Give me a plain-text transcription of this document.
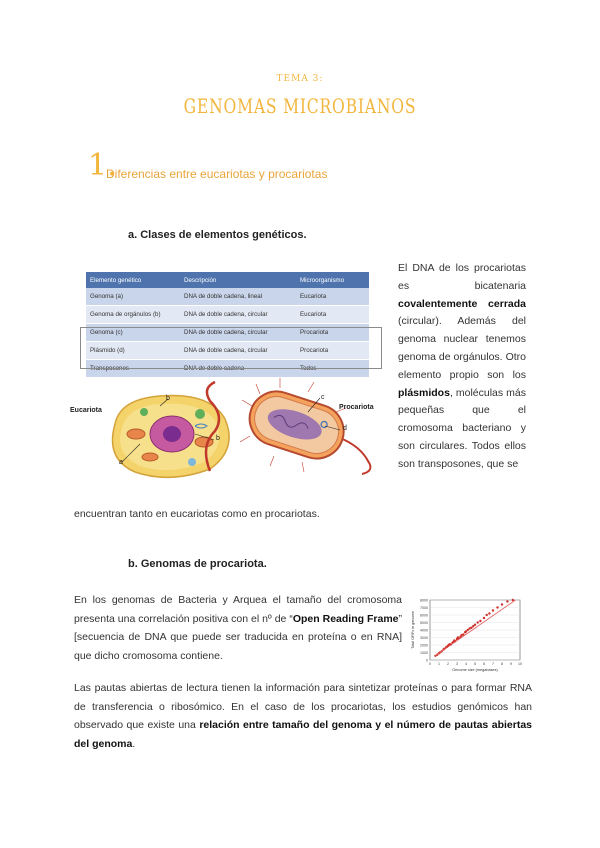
TEMA 3:
GENOMAS MICROBIANOS
1.
Diferencias entre eucariotas y procariotas
a. Clases de elementos genéticos.
Elemento genético	Descripción	Microorganismo
Genoma (a)	DNA de doble cadena, lineal	Eucariota
Genoma de orgánulos (b)	DNA de doble cadena, circular	Eucariota
Genoma (c)	DNA de doble cadena, circular	Procariota
Plásmido (d)	DNA de doble cadena, circular	Procariota
Transposones	DNA de doble cadena	Todos
Eucariota
b
b
a
c
d
Procariota
El DNA de los procariotas es bicatenaria covalentemente cerrada (circular). Además del genoma nuclear tenemos genoma de orgánulos. Otro elemento propio son los plásmidos, moléculas más pequeñas que el cromosoma bacteriano y son circulares. Todos ellos son transposones, que se
encuentran tanto en eucariotas como en procariotas.
b. Genomas de procariota.
En los genomas de Bacteria y Arquea el tamaño del cromosoma presenta una correlación positiva con el nº de “Open Reading Frame” [secuencia de DNA que puede ser traducida en proteína o en RNA] que dicho cromosoma contiene.	0
1000
2000
3000
4000
5000
6000
7000
8000
0 1 2 3 4 5 6 7 8 9 10
Genome size (megabases)
Total ORFs in genome
Las pautas abiertas de lectura tienen la información para sintetizar proteínas o para formar RNA de transferencia o ribosómico. En el caso de los procariotas, los estudios genómicos han observado que existe una relación entre tamaño del genoma y el número de pautas abiertas del genoma.
